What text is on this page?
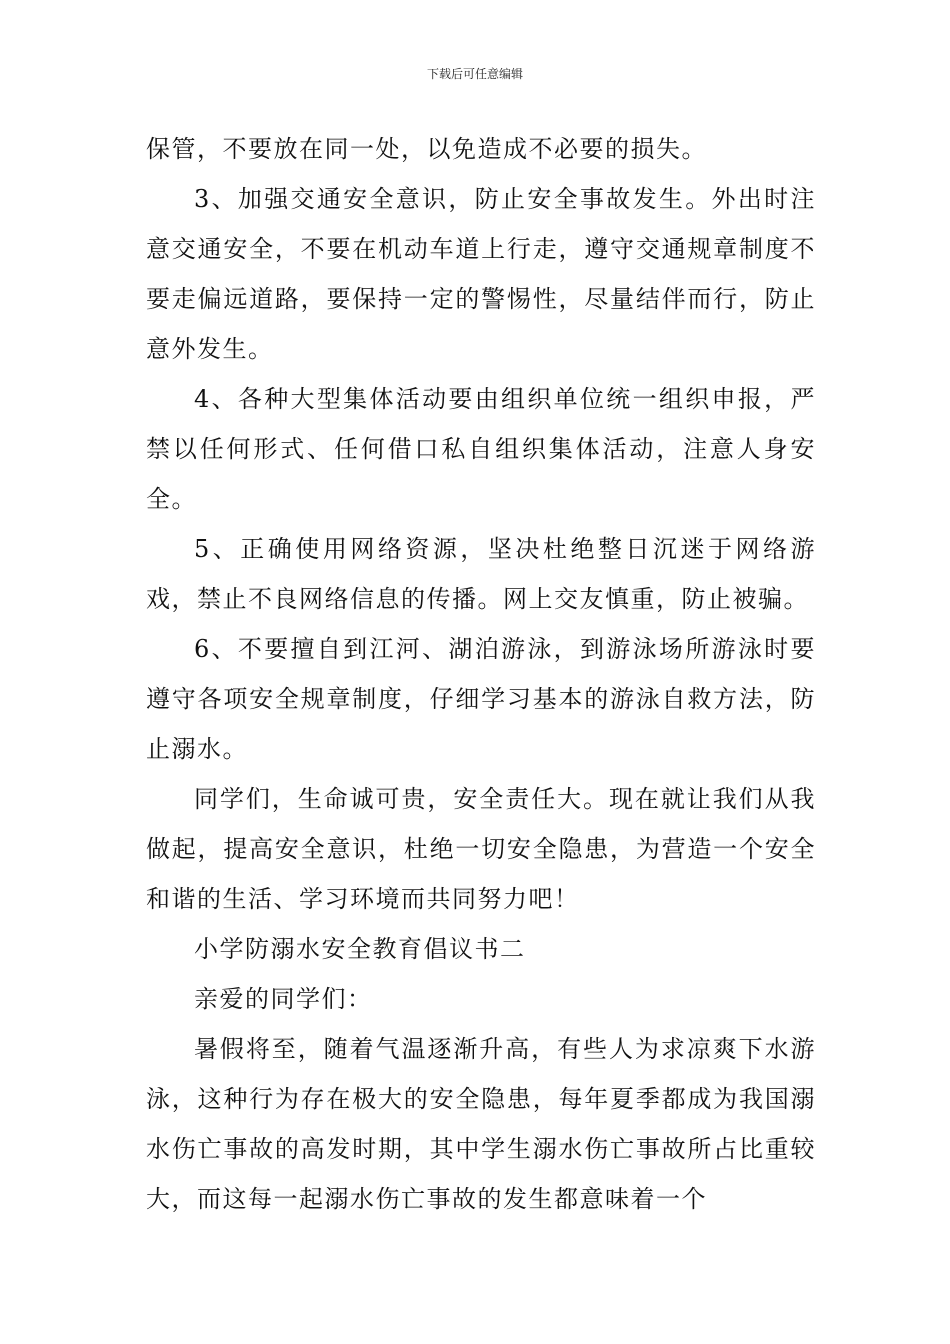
下载后可任意编辑

保管，不要放在同一处，以免造成不必要的损失。

3、加强交通安全意识，防止安全事故发生。外出时注意交通安全，不要在机动车道上行走，遵守交通规章制度不要走偏远道路，要保持一定的警惕性，尽量结伴而行，防止意外发生。

4、各种大型集体活动要由组织单位统一组织申报，严禁以任何形式、任何借口私自组织集体活动，注意人身安全。

5、正确使用网络资源，坚决杜绝整日沉迷于网络游戏，禁止不良网络信息的传播。网上交友慎重，防止被骗。

6、不要擅自到江河、湖泊游泳，到游泳场所游泳时要遵守各项安全规章制度，仔细学习基本的游泳自救方法，防止溺水。

同学们，生命诚可贵，安全责任大。现在就让我们从我做起，提高安全意识，杜绝一切安全隐患，为营造一个安全和谐的生活、学习环境而共同努力吧！

小学防溺水安全教育倡议书二

亲爱的同学们：

暑假将至，随着气温逐渐升高，有些人为求凉爽下水游泳，这种行为存在极大的安全隐患，每年夏季都成为我国溺水伤亡事故的高发时期，其中学生溺水伤亡事故所占比重较大，而这每一起溺水伤亡事故的发生都意味着一个
